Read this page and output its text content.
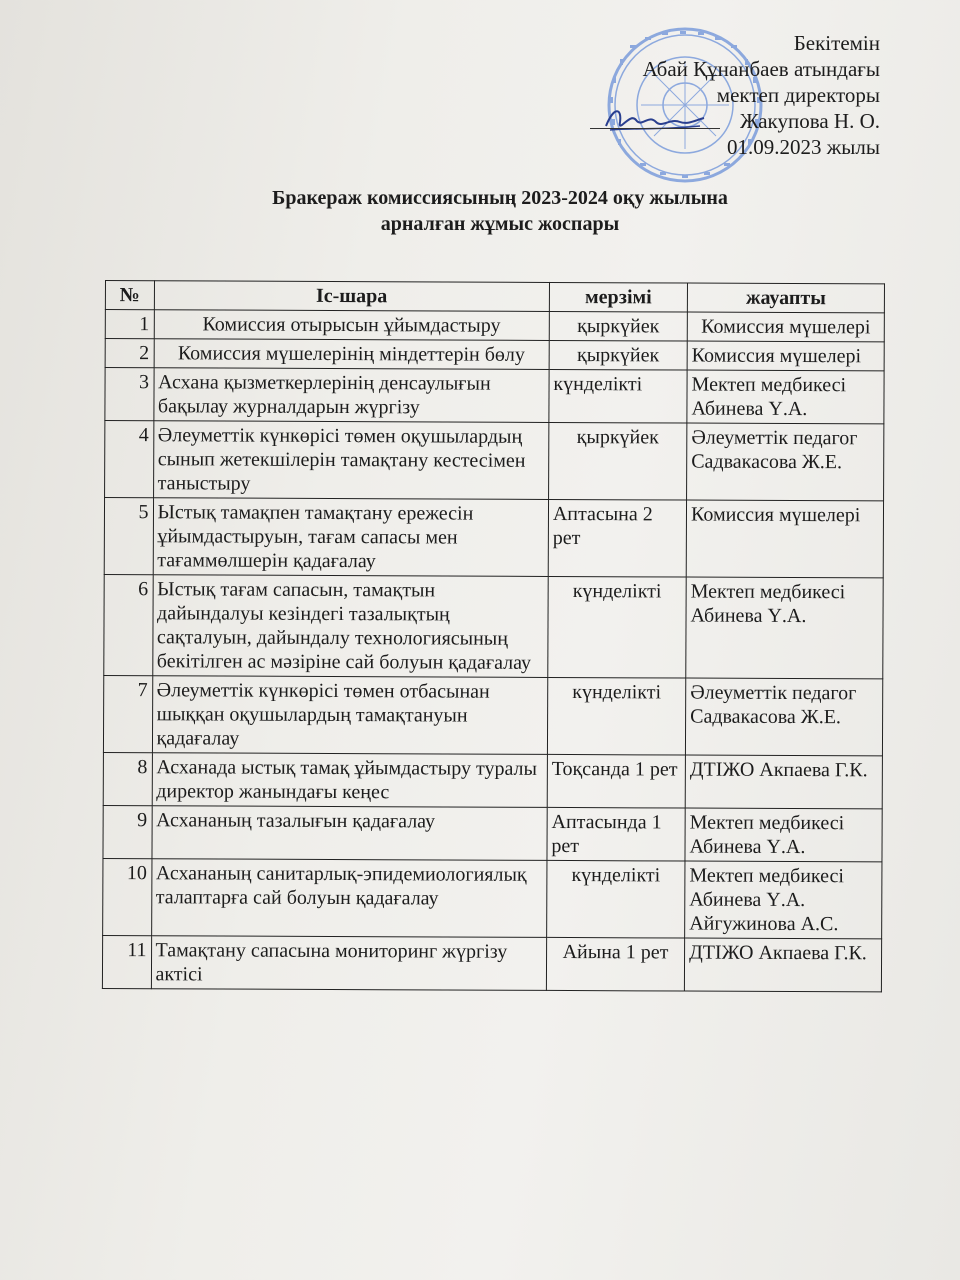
Бекітемін
Абай Құнанбаев атындағы
мектеп директоры
Жакупова Н. О.
01.09.2023 жылы
Бракераж комиссиясының 2023-2024 оқу жылына
арналған жұмыс жоспары
№	Іс-шара	мерзімі	жауапты
1	Комиссия отырысын ұйымдастыру	қыркүйек	Комиссия мүшелері
2	Комиссия мүшелерінің міндеттерін бөлу	қыркүйек	Комиссия мүшелері
3	Асхана қызметкерлерінің денсаулығын бақылау журналдарын жүргізу	күнделікті	Мектеп медбикесі Абинева Ү.А.
4	Әлеуметтік күнкөрісі төмен оқушылардың сынып жетекшілерін тамақтану кестесімен таныстыру	қыркүйек	Әлеуметтік педагог Садвакасова Ж.Е.
5	Ыстық тамақпен тамақтану ережесін ұйымдастыруын, тағам сапасы мен тағаммөлшерін қадағалау	Аптасына 2 рет	Комиссия мүшелері
6	Ыстық тағам сапасын, тамақтын дайындалуы кезіндегі тазалықтың сақталуын, дайындалу технологиясының бекітілген ас мәзіріне сай болуын қадағалау	күнделікті	Мектеп медбикесі Абинева Ү.А.
7	Әлеуметтік күнкөрісі төмен отбасынан шыққан оқушылардың тамақтануын қадағалау	күнделікті	Әлеуметтік педагог Садвакасова Ж.Е.
8	Асханада ыстық тамақ ұйымдастыру туралы директор жанындағы кеңес	Тоқсанда 1 рет	ДТІЖО Акпаева Г.К.
9	Асхананың тазалығын қадағалау	Аптасында 1 рет	Мектеп медбикесі Абинева Ү.А.
10	Асхананың санитарлық-эпидемиологиялық талаптарға сай болуын қадағалау	күнделікті	Мектеп медбикесі Абинева Ү.А. Айгужинова А.С.
11	Тамақтану сапасына мониторинг жүргізу актісі	Айына 1 рет	ДТІЖО Акпаева Г.К.
